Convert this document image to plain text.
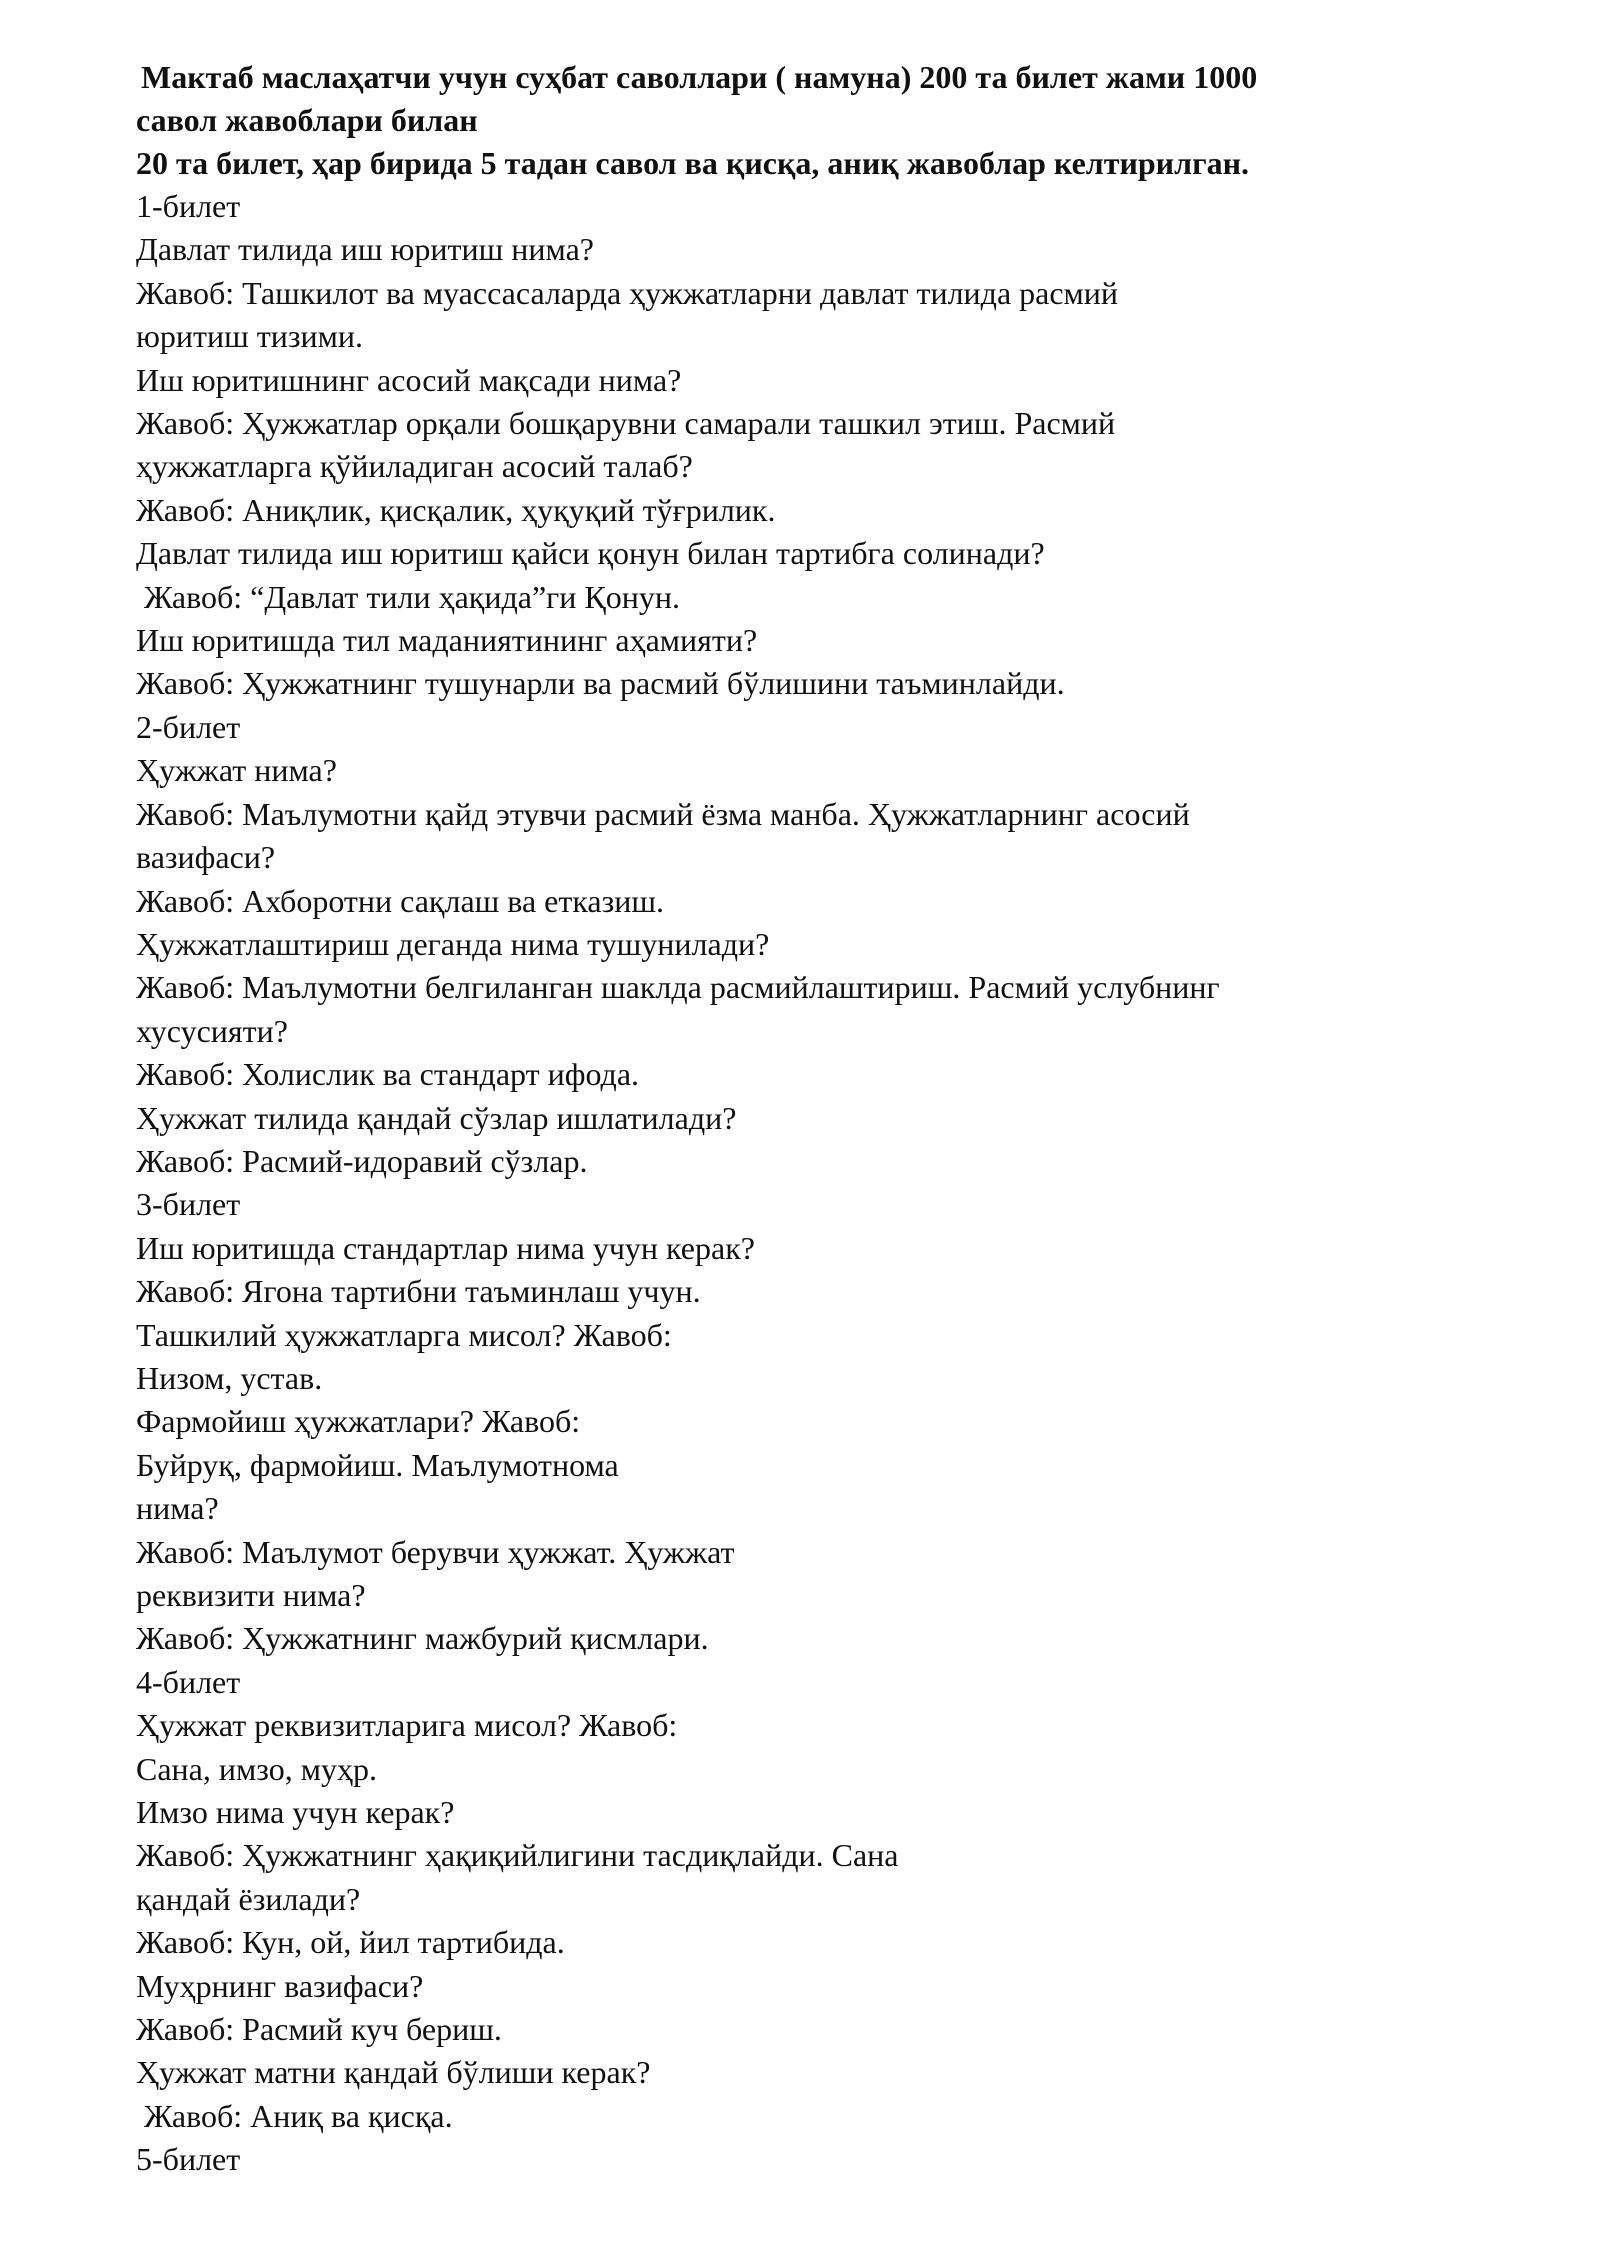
Мактаб маслаҳатчи учун суҳбат саволлари ( намуна) 200 та билет жами 1000

савол жавоблари билан

20 та билет, ҳар бирида 5 тадан савол ва қисқа, аниқ жавоблар келтирилган.

1-билет

Давлат тилида иш юритиш нима?

Жавоб: Ташкилот ва муассасаларда ҳужжатларни давлат тилида расмий

юритиш тизими.

Иш юритишнинг асосий мақсади нима?

Жавоб: Ҳужжатлар орқали бошқарувни самарали ташкил этиш. Расмий

ҳужжатларга қўйиладиган асосий талаб?

Жавоб: Аниқлик, қисқалик, ҳуқуқий тўғрилик.

Давлат тилида иш юритиш қайси қонун билан тартибга солинади?

Жавоб: “Давлат тили ҳақида”ги Қонун.

Иш юритишда тил маданиятининг аҳамияти?

Жавоб: Ҳужжатнинг тушунарли ва расмий бўлишини таъминлайди.

2-билет

Ҳужжат нима?

Жавоб: Маълумотни қайд этувчи расмий ёзма манба. Ҳужжатларнинг асосий

вазифаси?

Жавоб: Ахборотни сақлаш ва етказиш.

Ҳужжатлаштириш деганда нима тушунилади?

Жавоб: Маълумотни белгиланган шаклда расмийлаштириш. Расмий услубнинг

хусусияти?

Жавоб: Холислик ва стандарт ифода.

Ҳужжат тилида қандай сўзлар ишлатилади?

Жавоб: Расмий-идоравий сўзлар.

3-билет

Иш юритишда стандартлар нима учун керак?

Жавоб: Ягона тартибни таъминлаш учун.

Ташкилий ҳужжатларга мисол? Жавоб:

Низом, устав.

Фармойиш ҳужжатлари? Жавоб:

Буйруқ, фармойиш. Маълумотнома

нима?

Жавоб: Маълумот берувчи ҳужжат. Ҳужжат

реквизити нима?

Жавоб: Ҳужжатнинг мажбурий қисмлари.

4-билет

Ҳужжат реквизитларига мисол? Жавоб:

Сана, имзо, муҳр.

Имзо нима учун керак?

Жавоб: Ҳужжатнинг ҳақиқийлигини тасдиқлайди. Сана

қандай ёзилади?

Жавоб: Кун, ой, йил тартибида.

Муҳрнинг вазифаси?

Жавоб: Расмий куч бериш.

Ҳужжат матни қандай бўлиши керак?

Жавоб: Аниқ ва қисқа.

5-билет
